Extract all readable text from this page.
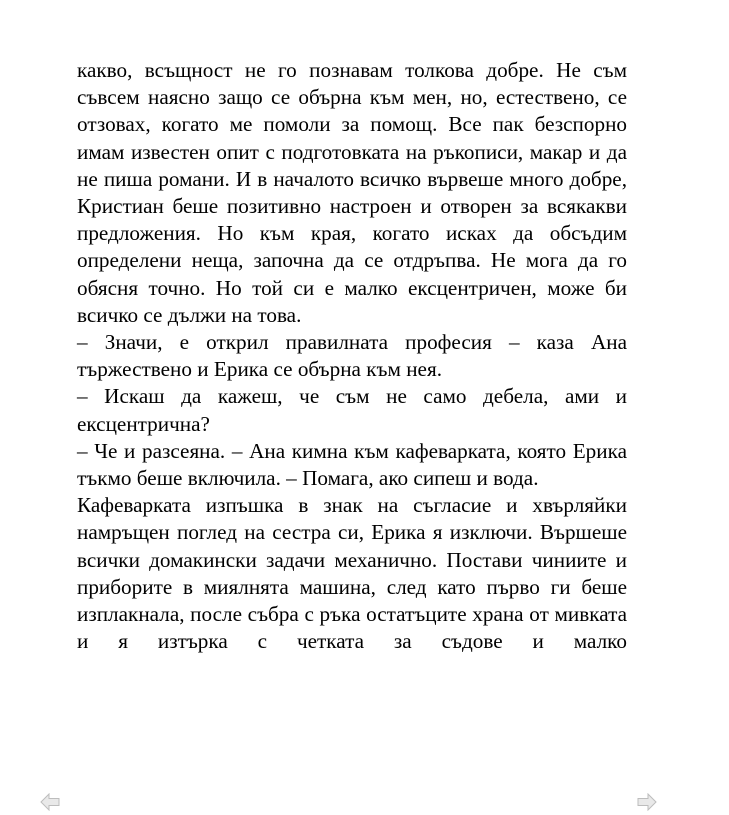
какво, всъщност не го познавам толкова добре. Не съм съвсем наясно защо се обърна към мен, но, естествено, се отзовах, когато ме помоли за помощ. Все пак безспорно имам известен опит с подготовката на ръкописи, макар и да не пиша романи. И в началото всичко вървеше много добре, Кристиан беше позитивно настроен и отворен за всякакви предложения. Но към края, когато исках да обсъдим определени неща, започна да се отдръпва. Не мога да го обясня точно. Но той си е малко ексцентричен, може би всичко се дължи на това.

– Значи, е открил правилната професия – каза Ана тържествено и Ерика се обърна към нея.

– Искаш да кажеш, че съм не само дебела, ами и ексцентрична?

– Че и разсеяна. – Ана кимна към кафеварката, която Ерика тъкмо беше включила. – Помага, ако сипеш и вода.

Кафеварката изпъшка в знак на съгласие и хвърляйки намръщен поглед на сестра си, Ерика я изключи. Вършеше всички домакински задачи механично. Постави чиниите и приборите в миялнята машина, след като първо ги беше изплакнала, после събра с ръка остатъците храна от мивката и я изтърка с четката за съдове и малко
